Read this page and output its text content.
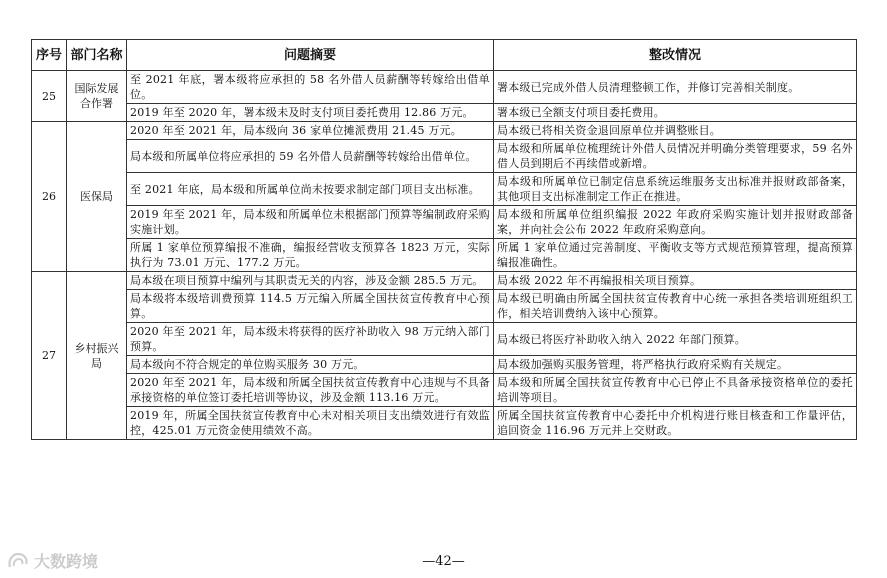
序号	部门名称	问题摘要	整改情况
25	国际发展合作署	至 2021 年底，署本级将应承担的 58 名外借人员薪酬等转嫁给出借单位。	署本级已完成外借人员清理整顿工作，并修订完善相关制度。
		2019 年至 2020 年，署本级未及时支付项目委托费用 12.86 万元。	署本级已全额支付项目委托费用。
26	医保局	2020 年至 2021 年，局本级向 36 家单位摊派费用 21.45 万元。	局本级已将相关资金退回原单位并调整账目。
		局本级和所属单位将应承担的 59 名外借人员薪酬等转嫁给出借单位。	局本级和所属单位梳理统计外借人员情况并明确分类管理要求，59 名外借人员到期后不再续借或新增。
		至 2021 年底，局本级和所属单位尚未按要求制定部门项目支出标准。	局本级和所属单位已制定信息系统运维服务支出标准并报财政部备案，其他项目支出标准制定工作正在推进。
		2019 年至 2021 年，局本级和所属单位未根据部门预算等编制政府采购实施计划。	局本级和所属单位组织编报 2022 年政府采购实施计划并报财政部备案，并向社会公布 2022 年政府采购意向。
		所属 1 家单位预算编报不准确，编报经营收支预算各 1823 万元，实际执行为 73.01 万元、177.2 万元。	所属 1 家单位通过完善制度、平衡收支等方式规范预算管理，提高预算编报准确性。
27	乡村振兴局	局本级在项目预算中编列与其职责无关的内容，涉及金额 285.5 万元。	局本级 2022 年不再编报相关项目预算。
		局本级将本级培训费预算 114.5 万元编入所属全国扶贫宣传教育中心预算。	局本级已明确由所属全国扶贫宣传教育中心统一承担各类培训班组织工作，相关培训费纳入该中心预算。
		2020 年至 2021 年，局本级未将获得的医疗补助收入 98 万元纳入部门预算。	局本级已将医疗补助收入纳入 2022 年部门预算。
		局本级向不符合规定的单位购买服务 30 万元。	局本级加强购买服务管理，将严格执行政府采购有关规定。
		2020 年至 2021 年，局本级和所属全国扶贫宣传教育中心违规与不具备承接资格的单位签订委托培训等协议，涉及金额 113.16 万元。	局本级和所属全国扶贫宣传教育中心已停止不具备承接资格单位的委托培训等项目。
		2019 年，所属全国扶贫宣传教育中心未对相关项目支出绩效进行有效监控，425.01 万元资金使用绩效不高。	所属全国扶贫宣传教育中心委托中介机构进行账目核查和工作量评估，追回资金 116.96 万元并上交财政。
大数跨境	—42—
